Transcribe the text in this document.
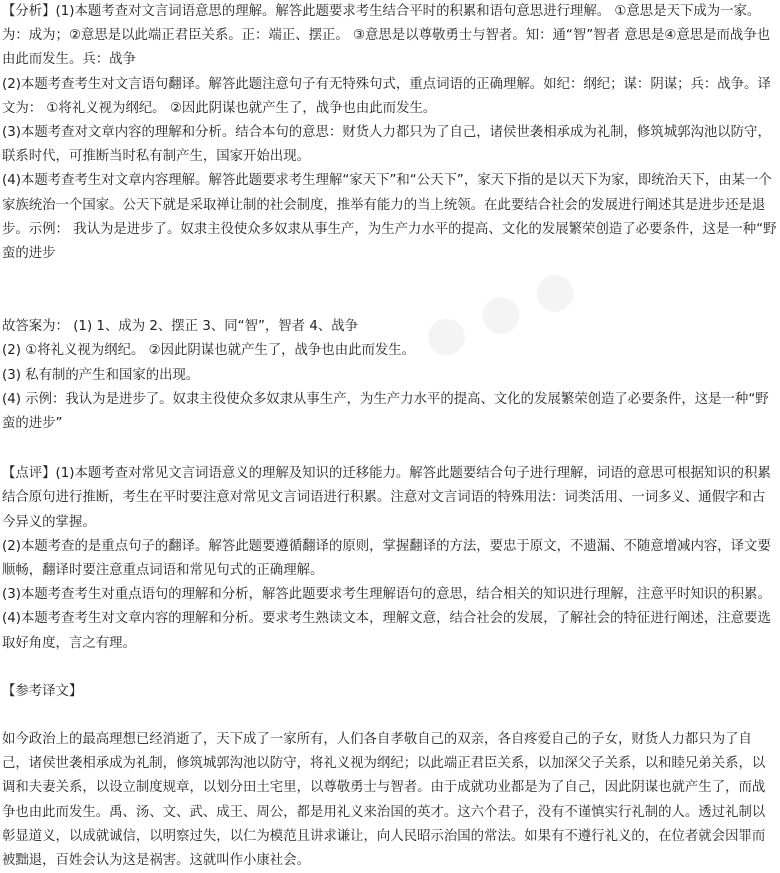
● ● ●

【分析】(1)本题考查对文言词语意思的理解。解答此题要求考生结合平时的积累和语句意思进行理解。 ①意思是天下成为一家。 为：成为；②意思是以此端正君臣关系。正：端正、摆正。 ③意思是以尊敬勇士与智者。知：通“智”智者 意思是④意思是而战争也由此而发生。兵：战争

(2)本题考查考生对文言语句翻译。解答此题注意句子有无特殊句式，重点词语的正确理解。如纪：纲纪；谋：阴谋；兵：战争。译文为： ①将礼义视为纲纪。 ②因此阴谋也就产生了，战争也由此而发生。

(3)本题考查对文章内容的理解和分析。结合本句的意思：财货人力都只为了自己，诸侯世袭相承成为礼制，修筑城郭沟池以防守，联系时代，可推断当时私有制产生，国家开始出现。

(4)本题考查考生对文章内容理解。解答此题要求考生理解“家天下”和“公天下”，家天下指的是以天下为家，即统治天下，由某一个家族统治一个国家。公天下就是采取禅让制的社会制度，推举有能力的当上统领。在此要结合社会的发展进行阐述其是进步还是退步。示例： 我认为是进步了。奴隶主役使众多奴隶从事生产，为生产力水平的提高、文化的发展繁荣创造了必要条件，这是一种“野蛮的进步

故答案为： (1) 1、成为 2、摆正 3、同“智”，智者 4、战争

(2) ①将礼义视为纲纪。 ②因此阴谋也就产生了，战争也由此而发生。

(3) 私有制的产生和国家的出现。

(4) 示例：我认为是进步了。奴隶主役使众多奴隶从事生产，为生产力水平的提高、文化的发展繁荣创造了必要条件，这是一种“野蛮的进步”

【点评】(1)本题考查对常见文言词语意义的理解及知识的迁移能力。解答此题要结合句子进行理解，词语的意思可根据知识的积累结合原句进行推断，考生在平时要注意对常见文言词语进行积累。注意对文言词语的特殊用法：词类活用、一词多义、通假字和古今异义的掌握。

(2)本题考查的是重点句子的翻译。解答此题要遵循翻译的原则，掌握翻译的方法，要忠于原文，不遗漏、不随意增减内容，译文要顺畅，翻译时要注意重点词语和常见句式的正确理解。

(3)本题考查考生对重点语句的理解和分析，解答此题要求考生理解语句的意思，结合相关的知识进行理解，注意平时知识的积累。

(4)本题考查考生对文章内容的理解和分析。要求考生熟读文本，理解文意，结合社会的发展，了解社会的特征进行阐述，注意要选取好角度，言之有理。

【参考译文】

如今政治上的最高理想已经消逝了，天下成了一家所有，人们各自孝敬自己的双亲，各自疼爱自己的子女，财货人力都只为了自己，诸侯世袭相承成为礼制，修筑城郭沟池以防守，将礼义视为纲纪；以此端正君臣关系，以加深父子关系，以和睦兄弟关系，以调和夫妻关系，以设立制度规章，以划分田土宅里，以尊敬勇士与智者。由于成就功业都是为了自己，因此阴谋也就产生了，而战争也由此而发生。禹、汤、文、武、成王、周公，都是用礼义来治国的英才。这六个君子，没有不谨慎实行礼制的人。透过礼制以彰显道义，以成就诚信，以明察过失，以仁为模范且讲求谦让，向人民昭示治国的常法。如果有不遵行礼义的，在位者就会因罪而被黜退，百姓会认为这是祸害。这就叫作小康社会。
